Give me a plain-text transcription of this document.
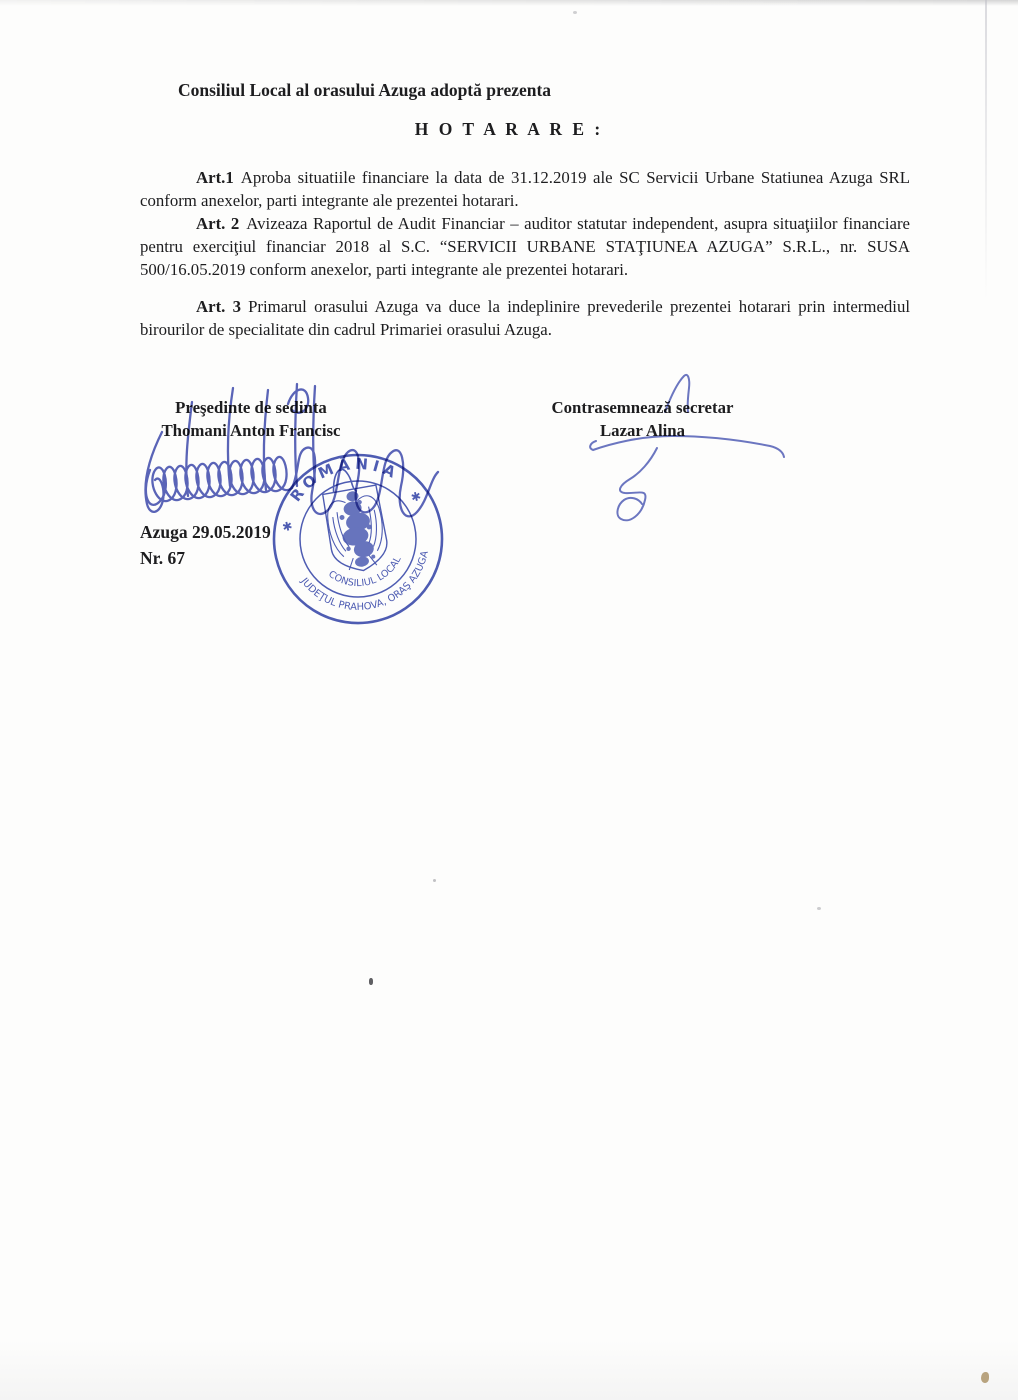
Consiliul Local al orasului Azuga adoptă prezenta
H O T A R A R E :

Art.1 Aproba situatiile financiare la data de 31.12.2019 ale SC Servicii Urbane Statiunea Azuga SRL conform anexelor, parti integrante ale prezentei hotarari.

Art. 2 Avizeaza Raportul de Audit Financiar – auditor statutar independent, asupra situaţiilor financiare pentru exerciţiul financiar 2018 al S.C. “SERVICII URBANE STAŢIUNEA AZUGA” S.R.L., nr. SUSA 500/16.05.2019 conform anexelor, parti integrante ale prezentei hotarari.

Art. 3 Primarul orasului Azuga va duce la indeplinire prevederile prezentei hotarari prin intermediul birourilor de specialitate din cadrul Primariei orasului Azuga.

Preşedinte de sedinta
Thomani Anton Francisc
Contrasemnează secretar
Lazar Alina
Azuga 29.05.2019
Nr. 67
ROMÂNIA
✱
✱
JUDEŢUL PRAHOVA, ORAŞ AZUGA
CONSILIUL LOCAL
